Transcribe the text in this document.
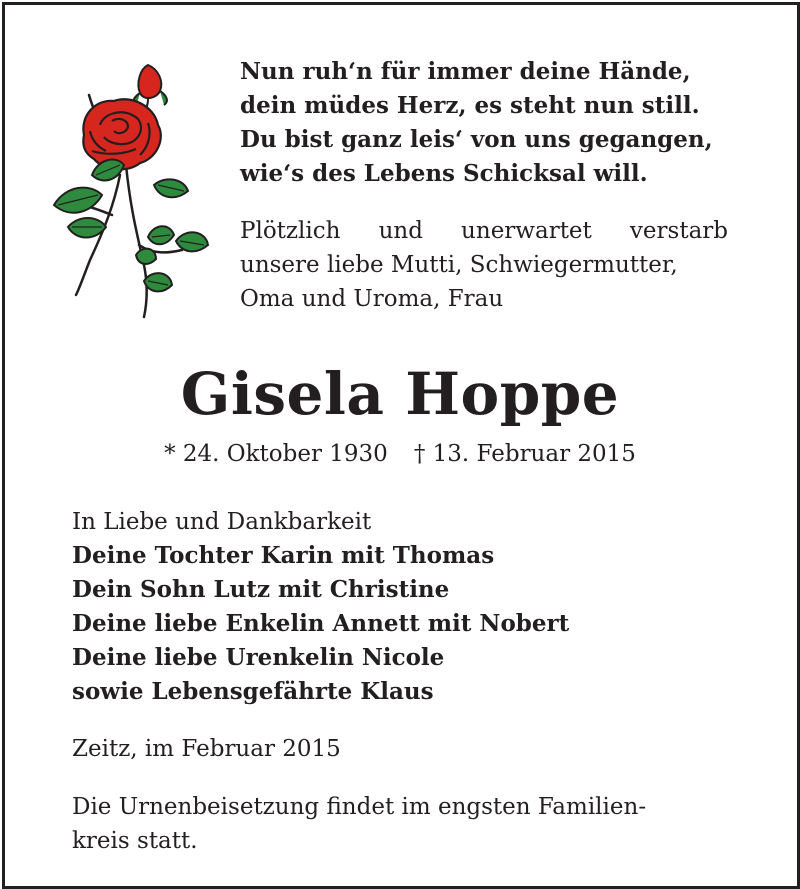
Nun ruh‘n für immer deine Hände,
dein müdes Herz, es steht nun still.
Du bist ganz leis‘ von uns gegangen,
wie‘s des Lebens Schicksal will.
Plötzlich und unerwartet verstarb
unsere liebe Mutti, Schwiegermutter,
Oma und Uroma, Frau
Gisela Hoppe
* 24. Oktober 1930 † 13. Februar 2015
In Liebe und Dankbarkeit
Deine Tochter Karin mit Thomas
Dein Sohn Lutz mit Christine
Deine liebe Enkelin Annett mit Nobert
Deine liebe Urenkelin Nicole
sowie Lebensgefährte Klaus
Zeitz, im Februar 2015
Die Urnenbeisetzung findet im engsten Familien-
kreis statt.
